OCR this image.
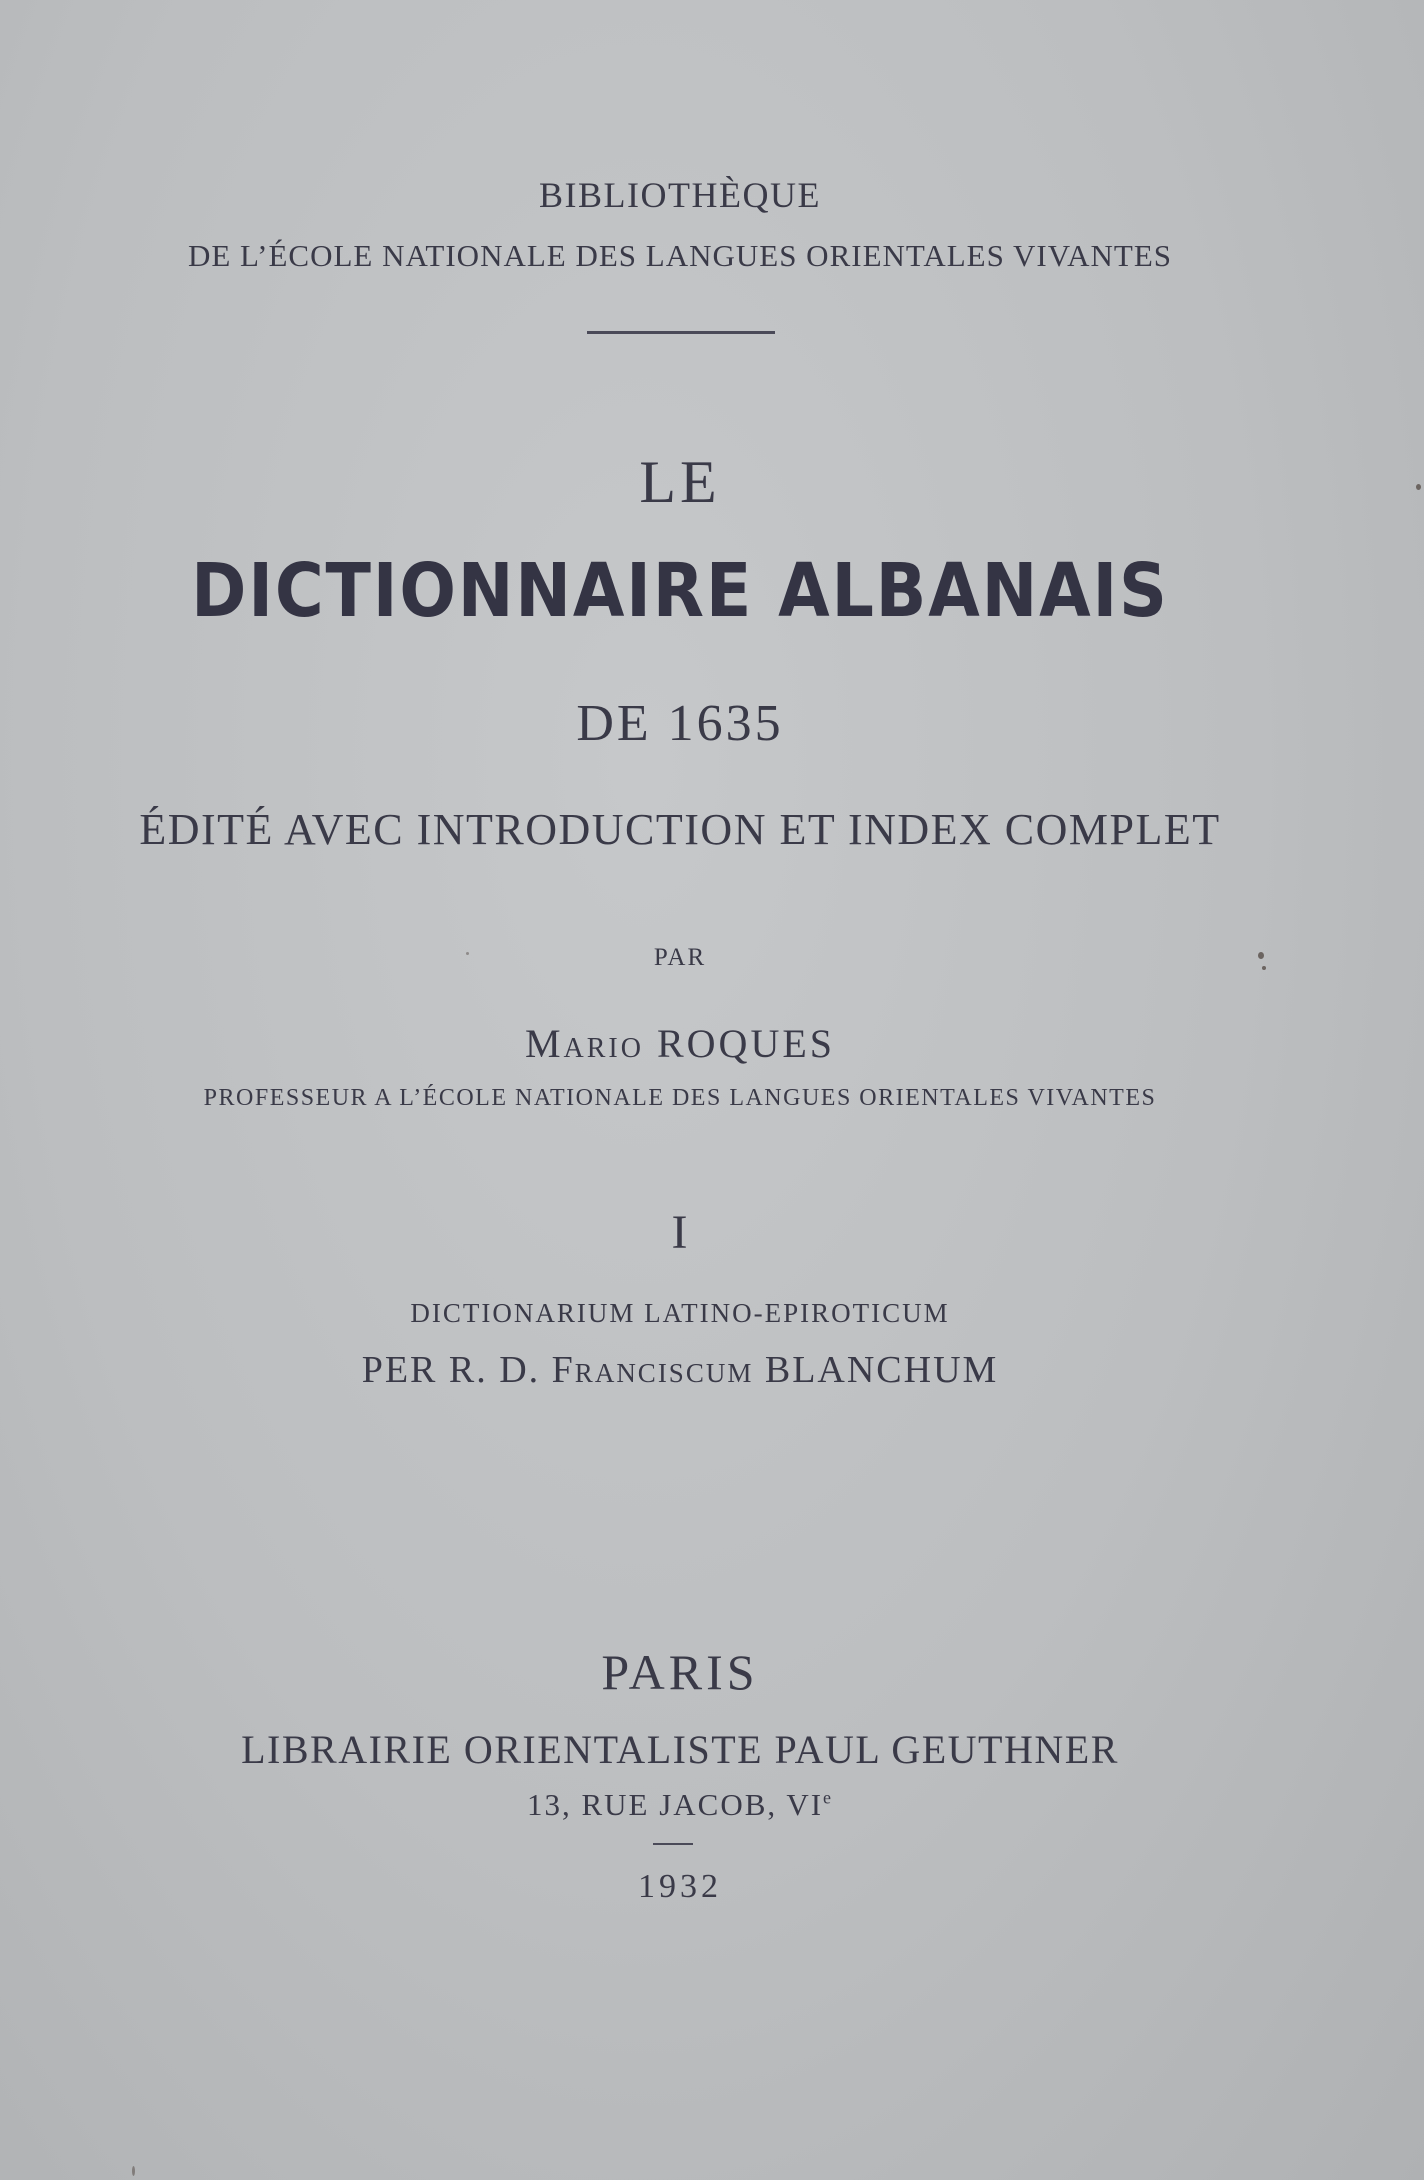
BIBLIOTHÈQUE
DE L’ÉCOLE NATIONALE DES LANGUES ORIENTALES VIVANTES
LE
DICTIONNAIRE ALBANAIS
DE 1635
ÉDITÉ AVEC INTRODUCTION ET INDEX COMPLET
PAR
Mario ROQUES
PROFESSEUR A L’ÉCOLE NATIONALE DES LANGUES ORIENTALES VIVANTES
I
DICTIONARIUM LATINO-EPIROTICUM
PER R. D. Franciscum BLANCHUM
PARIS
LIBRAIRIE ORIENTALISTE PAUL GEUTHNER
13, RUE JACOB, VIe
1932
